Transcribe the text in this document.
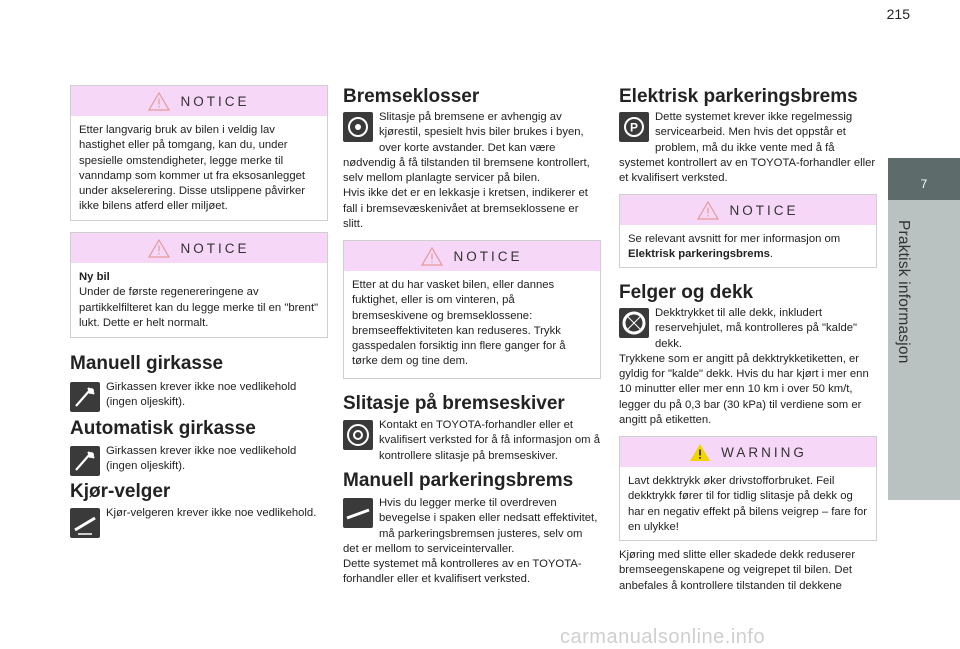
215
7
Praktisk informasjon
NOTICE
Etter langvarig bruk av bilen i veldig lav hastighet eller på tomgang, kan du, under spesielle omstendigheter, legge merke til vanndamp som kommer ut fra eksosanlegget under akselerering. Disse utslippene påvirker ikke bilens atferd eller miljøet.
NOTICE
Ny bil
Under de første regenereringene av partikkelfilteret kan du legge merke til en "brent" lukt. Dette er helt normalt.
Manuell girkasse
Girkassen krever ikke noe vedlikehold (ingen oljeskift).
Automatisk girkasse
Girkassen krever ikke noe vedlikehold (ingen oljeskift).
Kjør-velger
Kjør-velgeren krever ikke noe vedlikehold.
Bremseklosser
Slitasje på bremsene er avhengig av kjørestil, spesielt hvis biler brukes i byen, over korte avstander. Det kan være nødvendig å få tilstanden til bremsene kontrollert, selv mellom planlagte servicer på bilen.
Hvis ikke det er en lekkasje i kretsen, indikerer et fall i bremsevæskenivået at bremseklossene er slitt.
NOTICE
Etter at du har vasket bilen, eller dannes fuktighet, eller is om vinteren, på bremseskivene og bremseklossene: bremseeffektiviteten kan reduseres. Trykk gasspedalen forsiktig inn flere ganger for å tørke dem og tine dem.
Slitasje på bremseskiver
Kontakt en TOYOTA-forhandler eller et kvalifisert verksted for å få informasjon om å kontrollere slitasje på bremseskiver.
Manuell parkeringsbrems
Hvis du legger merke til overdreven bevegelse i spaken eller nedsatt effektivitet, må parkeringsbremsen justeres, selv om det er mellom to serviceintervaller.
Dette systemet må kontrolleres av en TOYOTA-forhandler eller et kvalifisert verksted.
Elektrisk parkeringsbrems
P
Dette systemet krever ikke regelmessig servicearbeid. Men hvis det oppstår et problem, må du ikke vente med å få systemet kontrollert av en TOYOTA-forhandler eller et kvalifisert verksted.
NOTICE
Se relevant avsnitt for mer informasjon om Elektrisk parkeringsbrems.
Felger og dekk
Dekktrykket til alle dekk, inkludert reservehjulet, må kontrolleres på "kalde" dekk.
Trykkene som er angitt på dekktrykketiketten, er gyldig for "kalde" dekk. Hvis du har kjørt i mer enn 10 minutter eller mer enn 10 km i over 50 km/t, legger du på 0,3 bar (30 kPa) til verdiene som er angitt på etiketten.
WARNING
Lavt dekktrykk øker drivstofforbruket. Feil dekktrykk fører til for tidlig slitasje på dekk og har en negativ effekt på bilens veigrep – fare for en ulykke!
Kjøring med slitte eller skadede dekk reduserer bremseegenskapene og veigrepet til bilen. Det anbefales å kontrollere tilstanden til dekkene
carmanualsonline.info
